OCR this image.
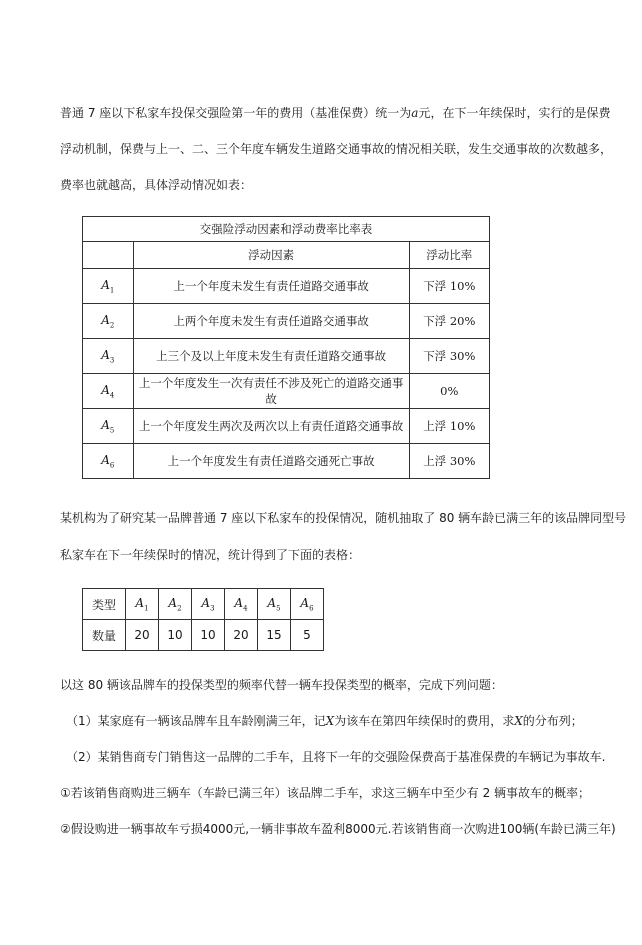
普通 7 座以下私家车投保交强险第一年的费用（基准保费）统一为a元，在下一年续保时，实行的是保费
浮动机制，保费与上一、二、三个年度车辆发生道路交通事故的情况相关联，发生交通事故的次数越多，
费率也就越高，具体浮动情况如表：
交强险浮动因素和浮动费率比率表		
	浮动因素	浮动比率
$A_1$	上一个年度未发生有责任道路交通事故	下浮 10%
$A_2$	上两个年度未发生有责任道路交通事故	下浮 20%
$A_3$	上三个及以上年度未发生有责任道路交通事故	下浮 30%
$A_4$	上一个年度发生一次有责任不涉及死亡的道路交通事故	0%
$A_5$	上一个年度发生两次及两次以上有责任道路交通事故	上浮 10%
$A_6$	上一个年度发生有责任道路交通死亡事故	上浮 30%
某机构为了研究某一品牌普通 7 座以下私家车的投保情况，随机抽取了 80 辆车龄已满三年的该品牌同型号
私家车在下一年续保时的情况，统计得到了下面的表格：
类型	$A_1$	$A_2$	$A_3$	$A_4$	$A_5$	$A_6$
数量	20	10	10	20	15	5
以这 80 辆该品牌车的投保类型的频率代替一辆车投保类型的概率，完成下列问题：
（1）某家庭有一辆该品牌车且车龄刚满三年，记X为该车在第四年续保时的费用，求X的分布列；
（2）某销售商专门销售这一品牌的二手车，且将下一年的交强险保费高于基准保费的车辆记为事故车.
①若该销售商购进三辆车（车龄已满三年）该品牌二手车，求这三辆车中至少有 2 辆事故车的概率；
②假设购进一辆事故车亏损4000元,一辆非事故车盈利8000元.若该销售商一次购进100辆(车龄已满三年)
